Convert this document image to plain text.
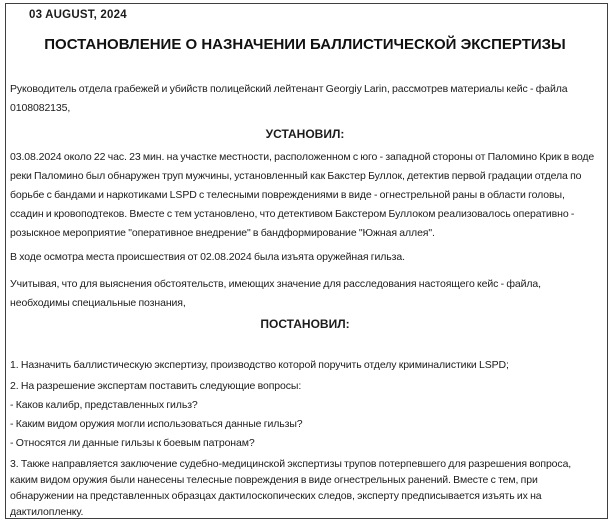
03 AUGUST, 2024
ПОСТАНОВЛЕНИЕ О НАЗНАЧЕНИИ БАЛЛИСТИЧЕСКОЙ ЭКСПЕРТИЗЫ

Руководитель отдела грабежей и убийств полицейский лейтенант Georgiy Larin, рассмотрев материалы кейс - файла 0108082135,

УСТАНОВИЛ:

03.08.2024 около 22 час. 23 мин. на участке местности, расположенном с юго - западной стороны от Паломино Крик в воде реки Паломино был обнаружен труп мужчины, установленный как Бакстер Буллок, детектив первой градации отдела по борьбе с бандами и наркотиками LSPD с телесными повреждениями в виде - огнестрельной раны в области головы, ссадин и кровоподтеков. Вместе с тем установлено, что детективом Бакстером Буллоком реализовалось оперативно - розыскное мероприятие "оперативное внедрение" в бандформирование "Южная аллея".

В ходе осмотра места происшествия от 02.08.2024 была изъята оружейная гильза.

Учитывая, что для выяснения обстоятельств, имеющих значение для расследования настоящего кейс - файла, необходимы специальные познания,

ПОСТАНОВИЛ:

1. Назначить баллистическую экспертизу, производство которой поручить отделу криминалистики LSPD;

2. На разрешение экспертам поставить следующие вопросы:
- Каков калибр, представленных гильз?
- Каким видом оружия могли использоваться данные гильзы?
- Относятся ли данные гильзы к боевым патронам?

3. Также направляется заключение судебно-медицинской экспертизы трупов потерпевшего для разрешения вопроса, каким видом оружия были нанесены телесные повреждения в виде огнестрельных ранений. Вместе с тем, при обнаружении на представленных образцах дактилоскопических следов, эксперту предписывается изъять их на дактилопленку.
